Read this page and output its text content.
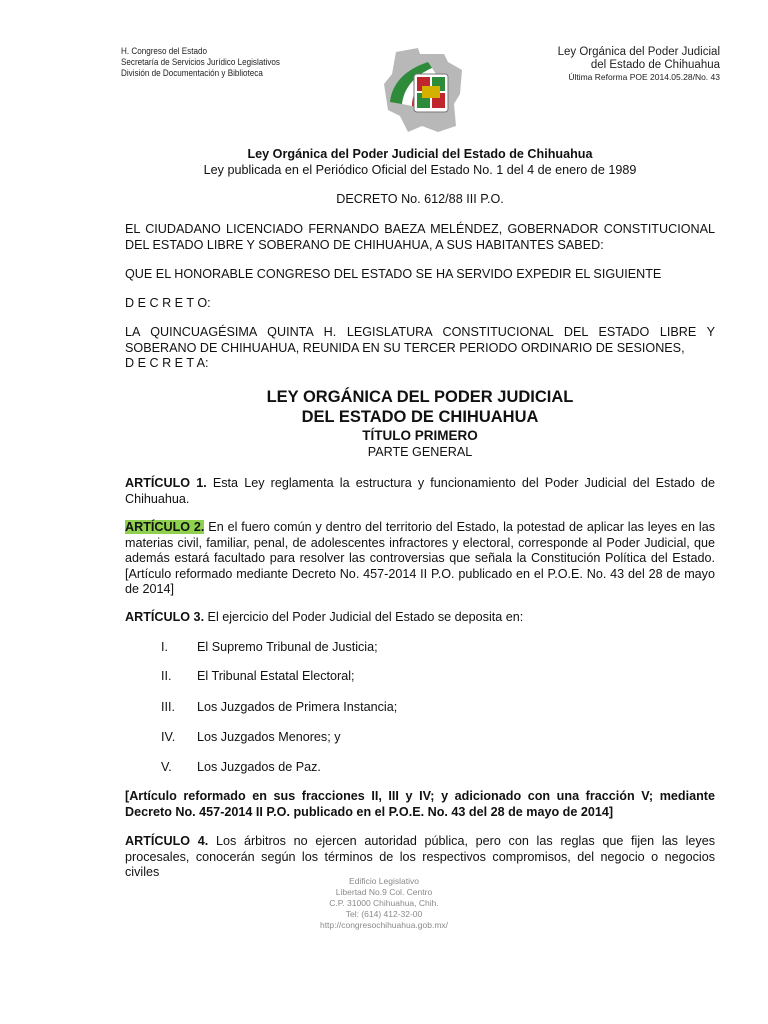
H. Congreso del Estado
Secretaría de Servicios Jurídico Legislativos
División de Documentación y Biblioteca
Ley Orgánica del Poder Judicial
del Estado de Chihuahua
Última Reforma POE 2014.05.28/No. 43
Ley Orgánica del Poder Judicial del Estado de Chihuahua
Ley publicada en el Periódico Oficial del Estado No. 1 del 4 de enero de 1989
DECRETO No. 612/88 III P.O.
EL CIUDADANO LICENCIADO FERNANDO BAEZA MELÉNDEZ, GOBERNADOR CONSTITUCIONAL DEL ESTADO LIBRE Y SOBERANO DE CHIHUAHUA, A SUS HABITANTES SABED:
QUE EL HONORABLE CONGRESO DEL ESTADO SE HA SERVIDO EXPEDIR EL SIGUIENTE
D E C R E T O:
LA QUINCUAGÉSIMA QUINTA H. LEGISLATURA CONSTITUCIONAL DEL ESTADO LIBRE Y SOBERANO DE CHIHUAHUA, REUNIDA EN SU TERCER PERIODO ORDINARIO DE SESIONES,
D E C R E T A:
LEY ORGÁNICA DEL PODER JUDICIAL
DEL ESTADO DE CHIHUAHUA
TÍTULO PRIMERO
PARTE GENERAL
ARTÍCULO 1. Esta Ley reglamenta la estructura y funcionamiento del Poder Judicial del Estado de Chihuahua.
ARTÍCULO 2. En el fuero común y dentro del territorio del Estado, la potestad de aplicar las leyes en las materias civil, familiar, penal, de adolescentes infractores y electoral, corresponde al Poder Judicial, que además estará facultado para resolver las controversias que señala la Constitución Política del Estado. [Artículo reformado mediante Decreto No. 457-2014 II P.O. publicado en el P.O.E. No. 43 del 28 de mayo de 2014]
ARTÍCULO 3. El ejercicio del Poder Judicial del Estado se deposita en:
I.	El Supremo Tribunal de Justicia;
II.	El Tribunal Estatal Electoral;
III.	Los Juzgados de Primera Instancia;
IV.	Los Juzgados Menores; y
V.	Los Juzgados de Paz.
[Artículo reformado en sus fracciones II, III y IV; y adicionado con una fracción V; mediante Decreto No. 457-2014 II P.O. publicado en el P.O.E. No. 43 del 28 de mayo de 2014]
ARTÍCULO 4. Los árbitros no ejercen autoridad pública, pero con las reglas que fijen las leyes procesales, conocerán según los términos de los respectivos compromisos, del negocio o negocios civiles
Edificio Legislativo
Libertad No.9 Col. Centro
C.P. 31000 Chihuahua, Chih.
Tel: (614) 412-32-00
http://congresochihuahua.gob.mx/
